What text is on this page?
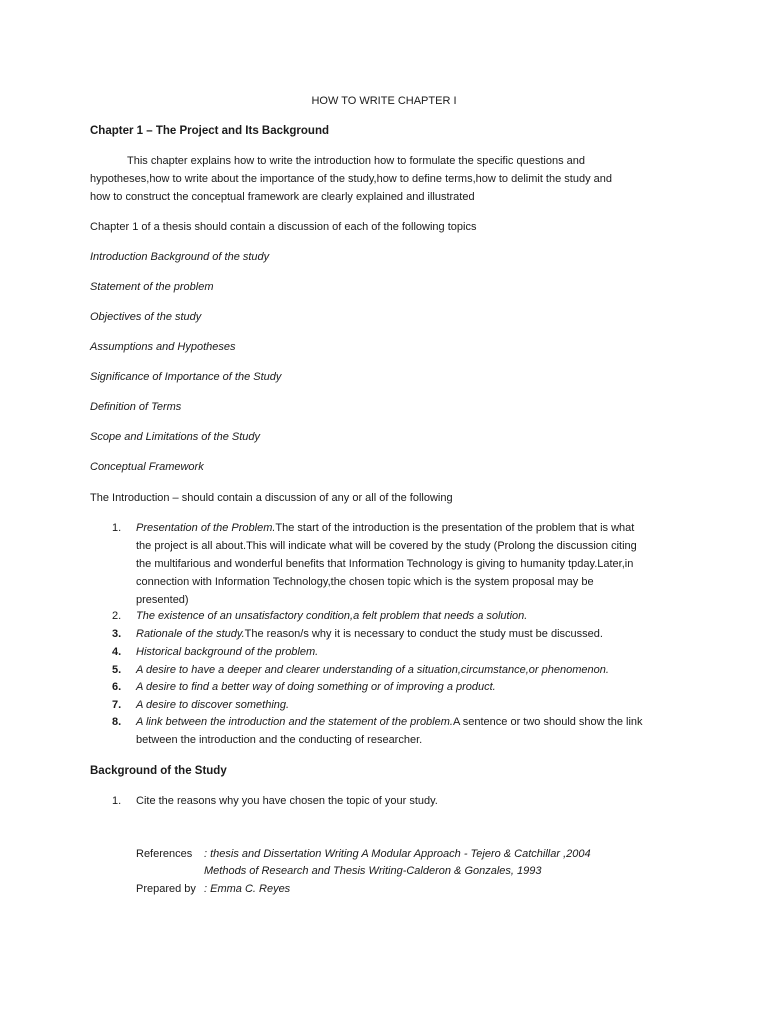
HOW TO WRITE CHAPTER I
Chapter 1 – The Project and Its Background
This chapter explains how to write the introduction how to formulate the specific questions and
hypotheses,how to write about the importance of the study,how to define terms,how to delimit the study and
how to construct the conceptual framework are clearly explained and illustrated
Chapter 1 of a thesis should contain a discussion of each of the following topics
Introduction Background of the study
Statement of the problem
Objectives of the study
Assumptions and Hypotheses
Significance of Importance of the Study
Definition of Terms
Scope and Limitations of the Study
Conceptual Framework
The Introduction – should contain a discussion of any or all of the following
1.	Presentation of the Problem.The start of the introduction is the presentation of the problem that is what
the project is all about.This will indicate what will be covered by the study (Prolong the discussion citing
the multifarious and wonderful benefits that Information Technology is giving to humanity tpday.Later,in
connection with Information Technology,the chosen topic which is the system proposal may be
presented)
2.	The existence of an unsatisfactory condition,a felt problem that needs a solution.
3.	Rationale of the study.The reason/s why it is necessary to conduct the study must be discussed.
4.	Historical background of the problem.
5.	A desire to have a deeper and clearer understanding of a situation,circumstance,or phenomenon.
6.	A desire to find a better way of doing something or of improving a product.
7.	A desire to discover something.
8.	A link between the introduction and the statement of the problem.A sentence or two should show the link
between the introduction and the conducting of researcher.
Background of the Study
1.	Cite the reasons why you have chosen the topic of your study.
References : thesis and Dissertation Writing A Modular Approach - Tejero & Catchillar ,2004
Methods of Research and Thesis Writing-Calderon & Gonzales, 1993
Prepared by : Emma C. Reyes
